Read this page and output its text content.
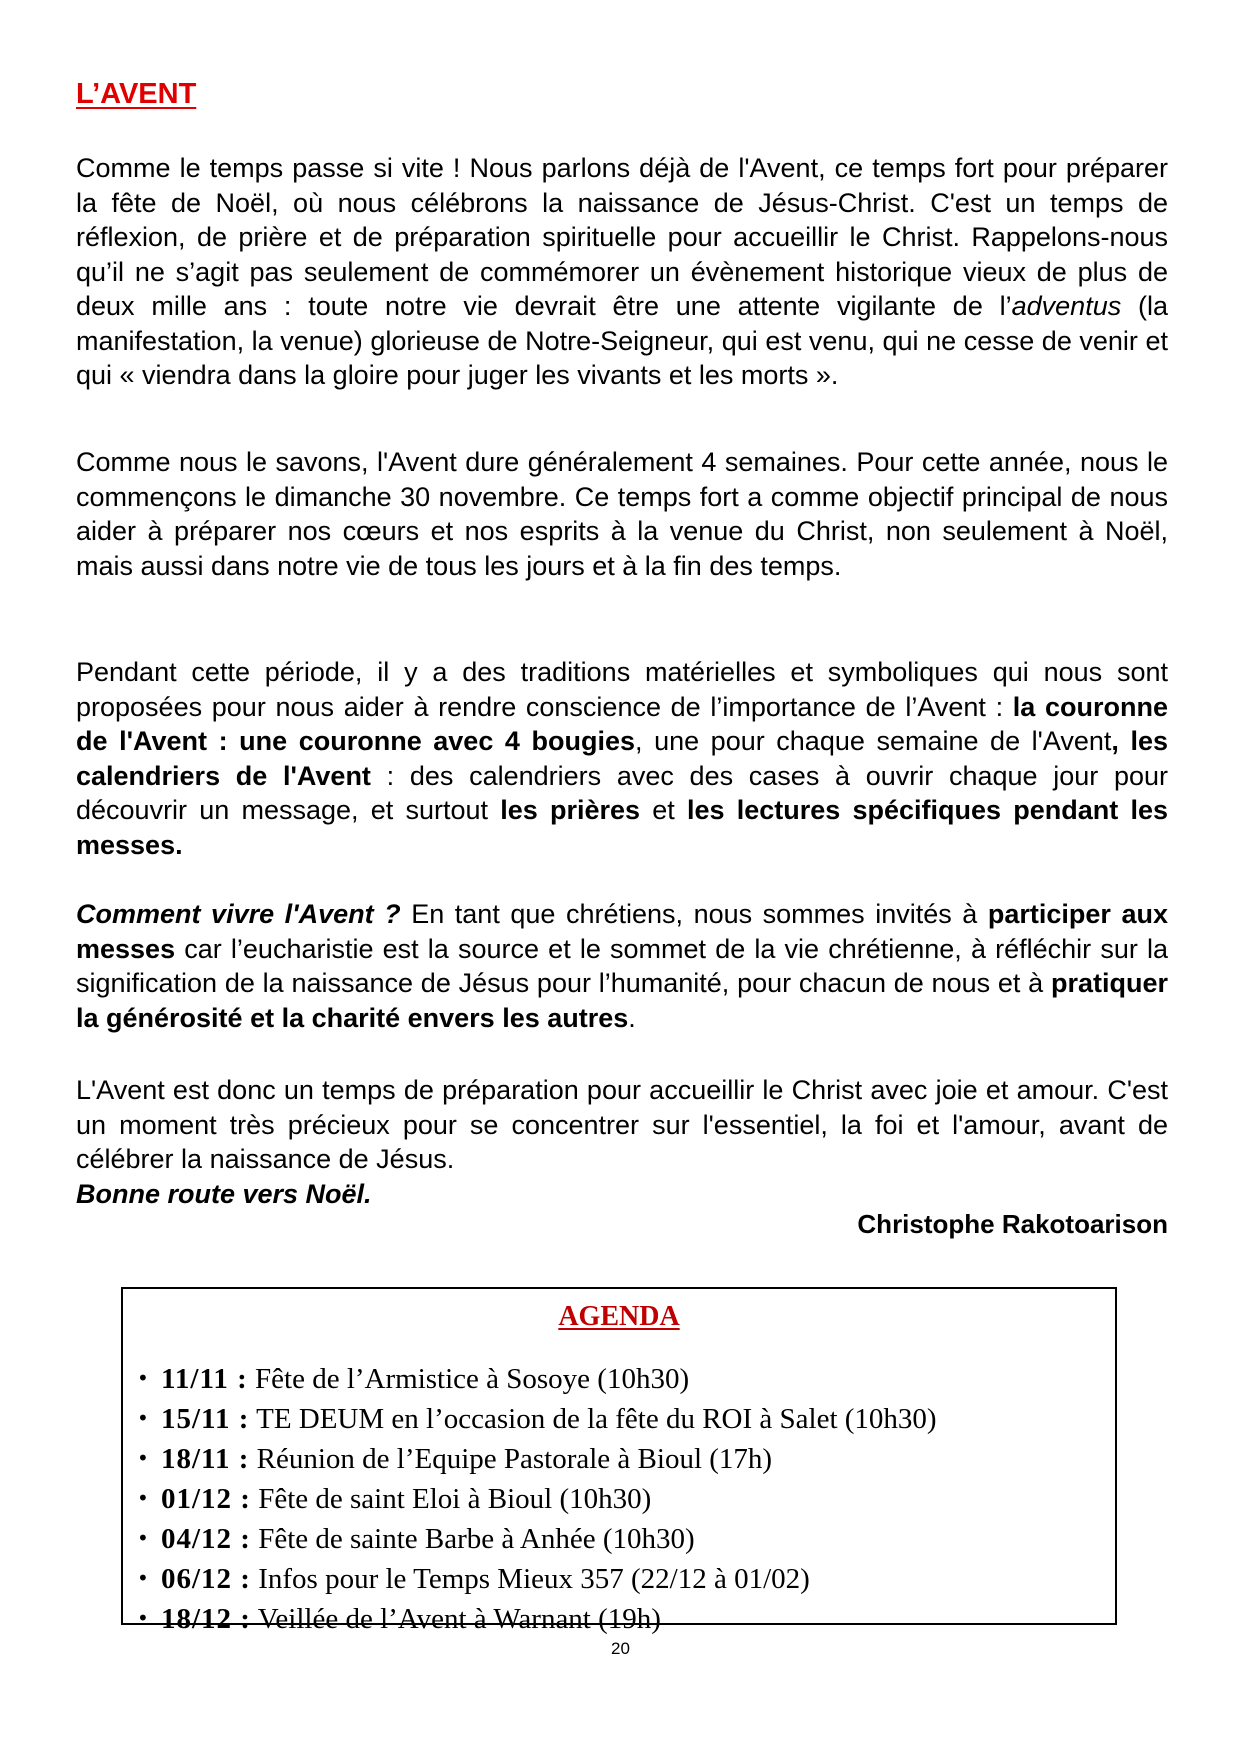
L’AVENT

Comme le temps passe si vite ! Nous parlons déjà de l'Avent, ce temps fort pour préparer la fête de Noël, où nous célébrons la naissance de Jésus-Christ. C'est un temps de réflexion, de prière et de préparation spirituelle pour accueillir le Christ. Rappelons-nous qu’il ne s’agit pas seulement de commémorer un évènement historique vieux de plus de deux mille ans : toute notre vie devrait être une attente vigilante de l’adventus (la manifestation, la venue) glorieuse de Notre-Seigneur, qui est venu, qui ne cesse de venir et qui « viendra dans la gloire pour juger les vivants et les morts ».

Comme nous le savons, l'Avent dure généralement 4 semaines. Pour cette année, nous le commençons le dimanche 30 novembre. Ce temps fort a comme objectif principal de nous aider à préparer nos cœurs et nos esprits à la venue du Christ, non seulement à Noël, mais aussi dans notre vie de tous les jours et à la fin des temps.

Pendant cette période, il y a des traditions matérielles et symboliques qui nous sont proposées pour nous aider à rendre conscience de l’importance de l’Avent : la couronne de l'Avent : une couronne avec 4 bougies, une pour chaque semaine de l'Avent, les calendriers de l'Avent : des calendriers avec des cases à ouvrir chaque jour pour découvrir un message, et surtout les prières et les lectures spécifiques pendant les messes.

Comment vivre l'Avent ? En tant que chrétiens, nous sommes invités à participer aux messes car l’eucharistie est la source et le sommet de la vie chrétienne, à réfléchir sur la signification de la naissance de Jésus pour l’humanité, pour chacun de nous et à pratiquer la générosité et la charité envers les autres.

L'Avent est donc un temps de préparation pour accueillir le Christ avec joie et amour. C'est un moment très précieux pour se concentrer sur l'essentiel, la foi et l'amour, avant de célébrer la naissance de Jésus.
Bonne route vers Noël.

Christophe Rakotoarison

AGENDA
• 11/11 : Fête de l’Armistice à Sosoye (10h30)
• 15/11 : TE DEUM en l’occasion de la fête du ROI à Salet (10h30)
• 18/11 : Réunion de l’Equipe Pastorale à Bioul (17h)
• 01/12 : Fête de saint Eloi à Bioul (10h30)
• 04/12 : Fête de sainte Barbe à Anhée (10h30)
• 06/12 : Infos pour le Temps Mieux 357 (22/12 à 01/02)
• 18/12 : Veillée de l’Avent à Warnant (19h)
20
